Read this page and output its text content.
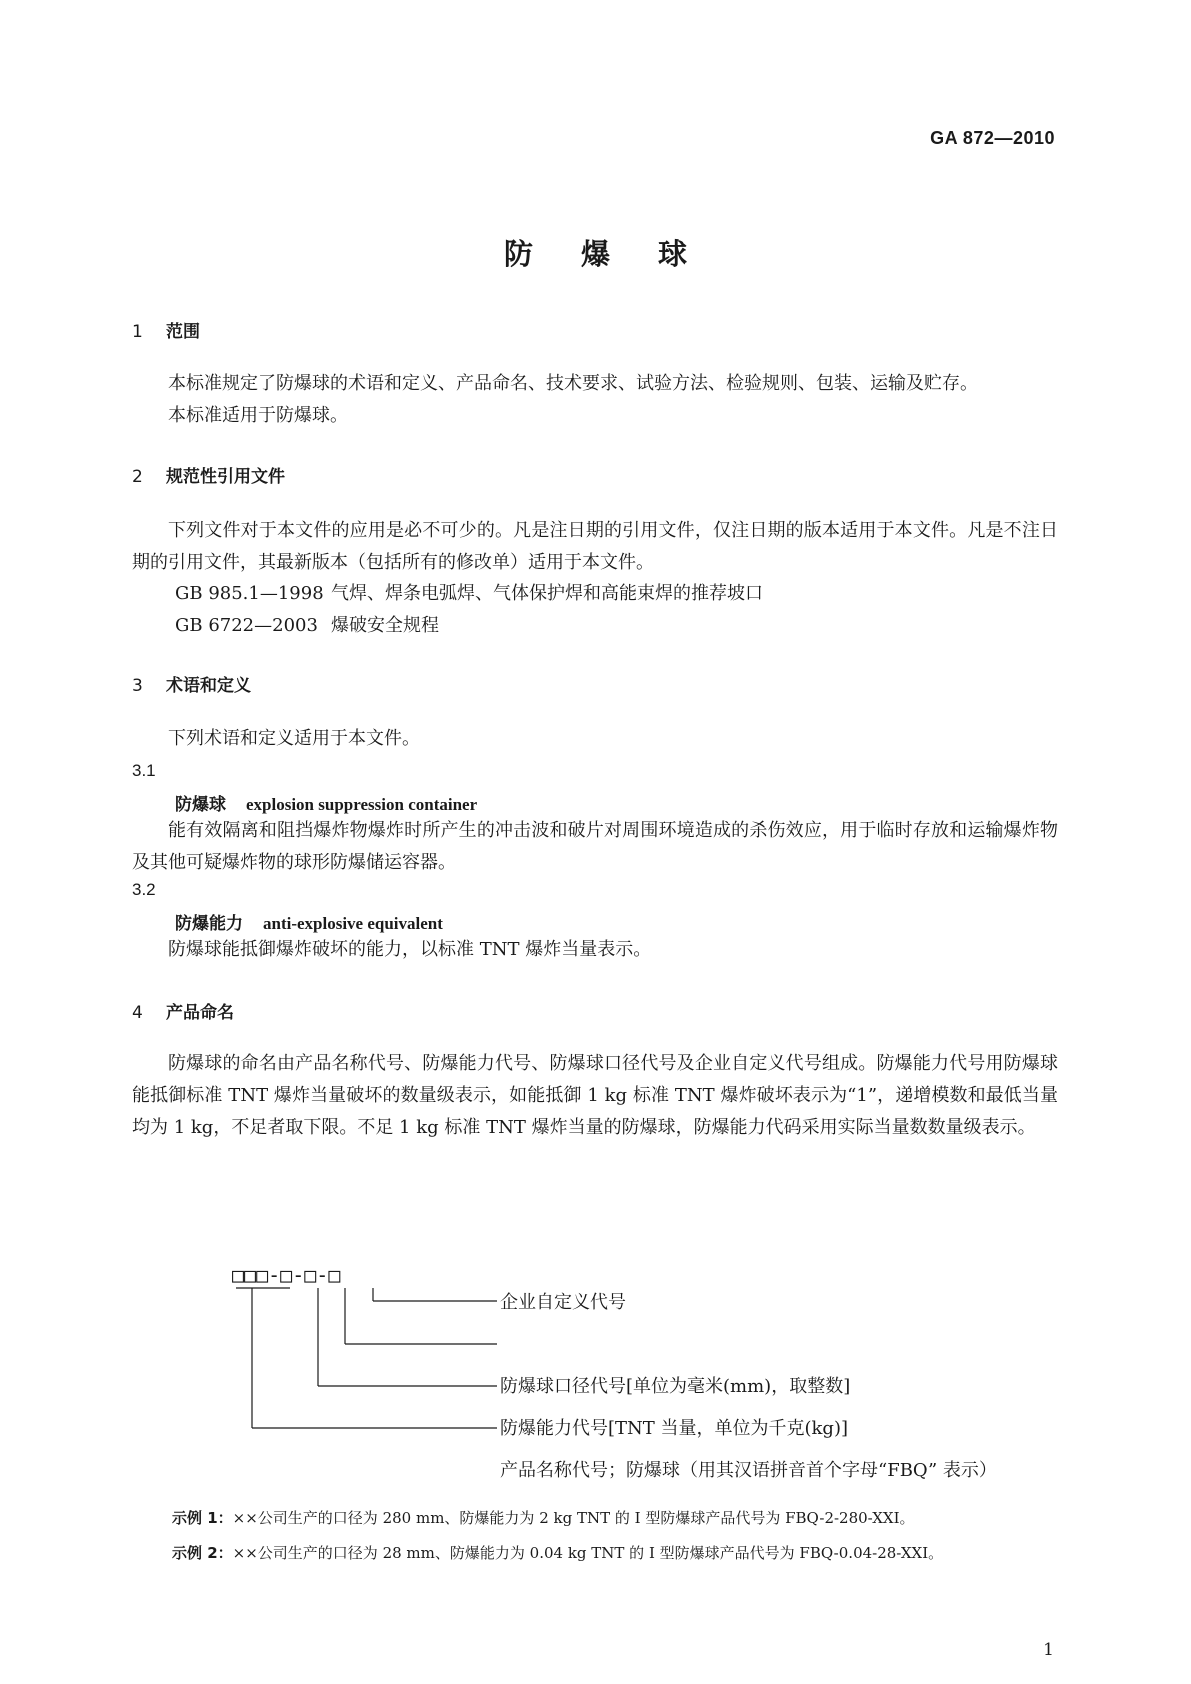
GA 872—2010
防 爆 球
1 范围
本标准规定了防爆球的术语和定义、产品命名、技术要求、试验方法、检验规则、包装、运输及贮存。
本标准适用于防爆球。
2 规范性引用文件
下列文件对于本文件的应用是必不可少的。凡是注日期的引用文件，仅注日期的版本适用于本文件。凡是不注日期的引用文件，其最新版本（包括所有的修改单）适用于本文件。
GB 985.1—1998 气焊、焊条电弧焊、气体保护焊和高能束焊的推荐坡口
GB 6722—2003 爆破安全规程
3 术语和定义
下列术语和定义适用于本文件。
3.1
防爆球 explosion suppression container
能有效隔离和阻挡爆炸物爆炸时所产生的冲击波和破片对周围环境造成的杀伤效应，用于临时存放和运输爆炸物及其他可疑爆炸物的球形防爆储运容器。
3.2
防爆能力 anti-explosive equivalent
防爆球能抵御爆炸破坏的能力，以标准 TNT 爆炸当量表示。
4 产品命名
防爆球的命名由产品名称代号、防爆能力代号、防爆球口径代号及企业自定义代号组成。防爆能力代号用防爆球能抵御标准 TNT 爆炸当量破坏的数量级表示，如能抵御 1 kg 标准 TNT 爆炸破坏表示为“1”，递增模数和最低当量均为 1 kg，不足者取下限。不足 1 kg 标准 TNT 爆炸当量的防爆球，防爆能力代码采用实际当量数数量级表示。
□□□-□-□-□
企业自定义代号
防爆球口径代号[单位为毫米(mm)，取整数]
防爆能力代号[TNT 当量，单位为千克(kg)]
产品名称代号；防爆球（用其汉语拼音首个字母“FBQ” 表示）
示例 1：××公司生产的口径为 280 mm、防爆能力为 2 kg TNT 的 Ⅰ 型防爆球产品代号为 FBQ-2-280-XXI。
示例 2：××公司生产的口径为 28 mm、防爆能力为 0.04 kg TNT 的 Ⅰ 型防爆球产品代号为 FBQ-0.04-28-XXI。
1
